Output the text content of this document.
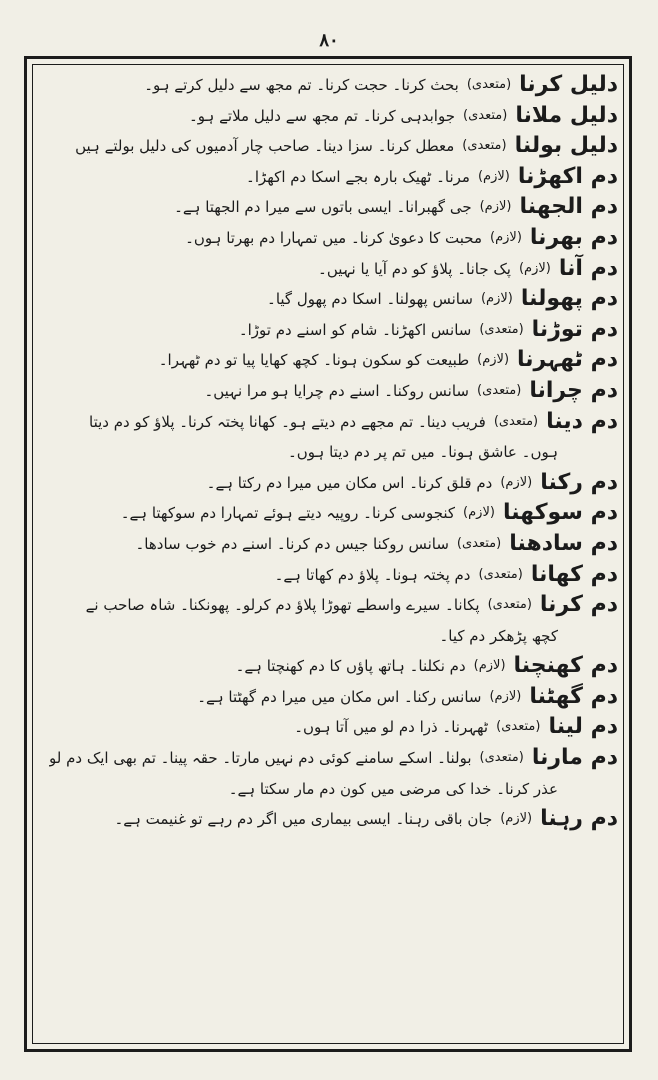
۸۰
دلیل کرنا
(متعدی)
بحث کرنا۔ حجت کرنا۔ تم مجھ سے دلیل کرتے ہو۔
دلیل ملانا
(متعدی)
جوابدہی کرنا۔ تم مجھ سے دلیل ملاتے ہو۔
دلیل بولنا
(متعدی)
معطل کرنا۔ سزا دینا۔ صاحب چار آدمیوں کی دلیل بولتے ہیں
دم اکھڑنا
(لازم)
مرنا۔ ٹھیک بارہ بجے اسکا دم اکھڑا۔
دم الجھنا
(لازم)
جی گھبرانا۔ ایسی باتوں سے میرا دم الجھتا ہے۔
دم بھرنا
(لازم)
محبت کا دعویٰ کرنا۔ میں تمہارا دم بھرتا ہوں۔
دم آنا
(لازم)
پک جانا۔ پلاؤ کو دم آیا یا نہیں۔
دم پھولنا
(لازم)
سانس پھولنا۔ اسکا دم پھول گیا۔
دم توڑنا
(متعدی)
سانس اکھڑنا۔ شام کو اسنے دم توڑا۔
دم ٹھہرنا
(لازم)
طبیعت کو سکون ہونا۔ کچھ کھایا پیا تو دم ٹھہرا۔
دم چرانا
(متعدی)
سانس روکنا۔ اسنے دم چرایا ہو مرا نہیں۔
دم دینا
(متعدی)
فریب دینا۔ تم مجھے دم دیتے ہو۔ کھانا پختہ کرنا۔ پلاؤ کو دم دیتا
ہوں۔ عاشق ہونا۔ میں تم پر دم دیتا ہوں۔
دم رکنا
(لازم)
دم قلق کرنا۔ اس مکان میں میرا دم رکتا ہے۔
دم سوکھنا
(لازم)
کنجوسی کرنا۔ روپیہ دیتے ہوئے تمہارا دم سوکھتا ہے۔
دم سادھنا
(متعدی)
سانس روکنا جیس دم کرنا۔ اسنے دم خوب سادھا۔
دم کھانا
(متعدی)
دم پختہ ہونا۔ پلاؤ دم کھاتا ہے۔
دم کرنا
(متعدی)
پکانا۔ سیرے واسطے تھوڑا پلاؤ دم کرلو۔ پھونکنا۔ شاہ صاحب نے
کچھ پڑھکر دم کیا۔
دم کھنچنا
(لازم)
دم نکلنا۔ ہاتھ پاؤں کا دم کھنچتا ہے۔
دم گھٹنا
(لازم)
سانس رکنا۔ اس مکان میں میرا دم گھٹتا ہے۔
دم لینا
(متعدی)
ٹھہرنا۔ ذرا دم لو میں آتا ہوں۔
دم مارنا
(متعدی)
بولنا۔ اسکے سامنے کوئی دم نہیں مارتا۔ حقہ پینا۔ تم بھی ایک دم لو
عذر کرنا۔ خدا کی مرضی میں کون دم مار سکتا ہے۔
دم رہنا
(لازم)
جان باقی رہنا۔ ایسی بیماری میں اگر دم رہے تو غنیمت ہے۔
